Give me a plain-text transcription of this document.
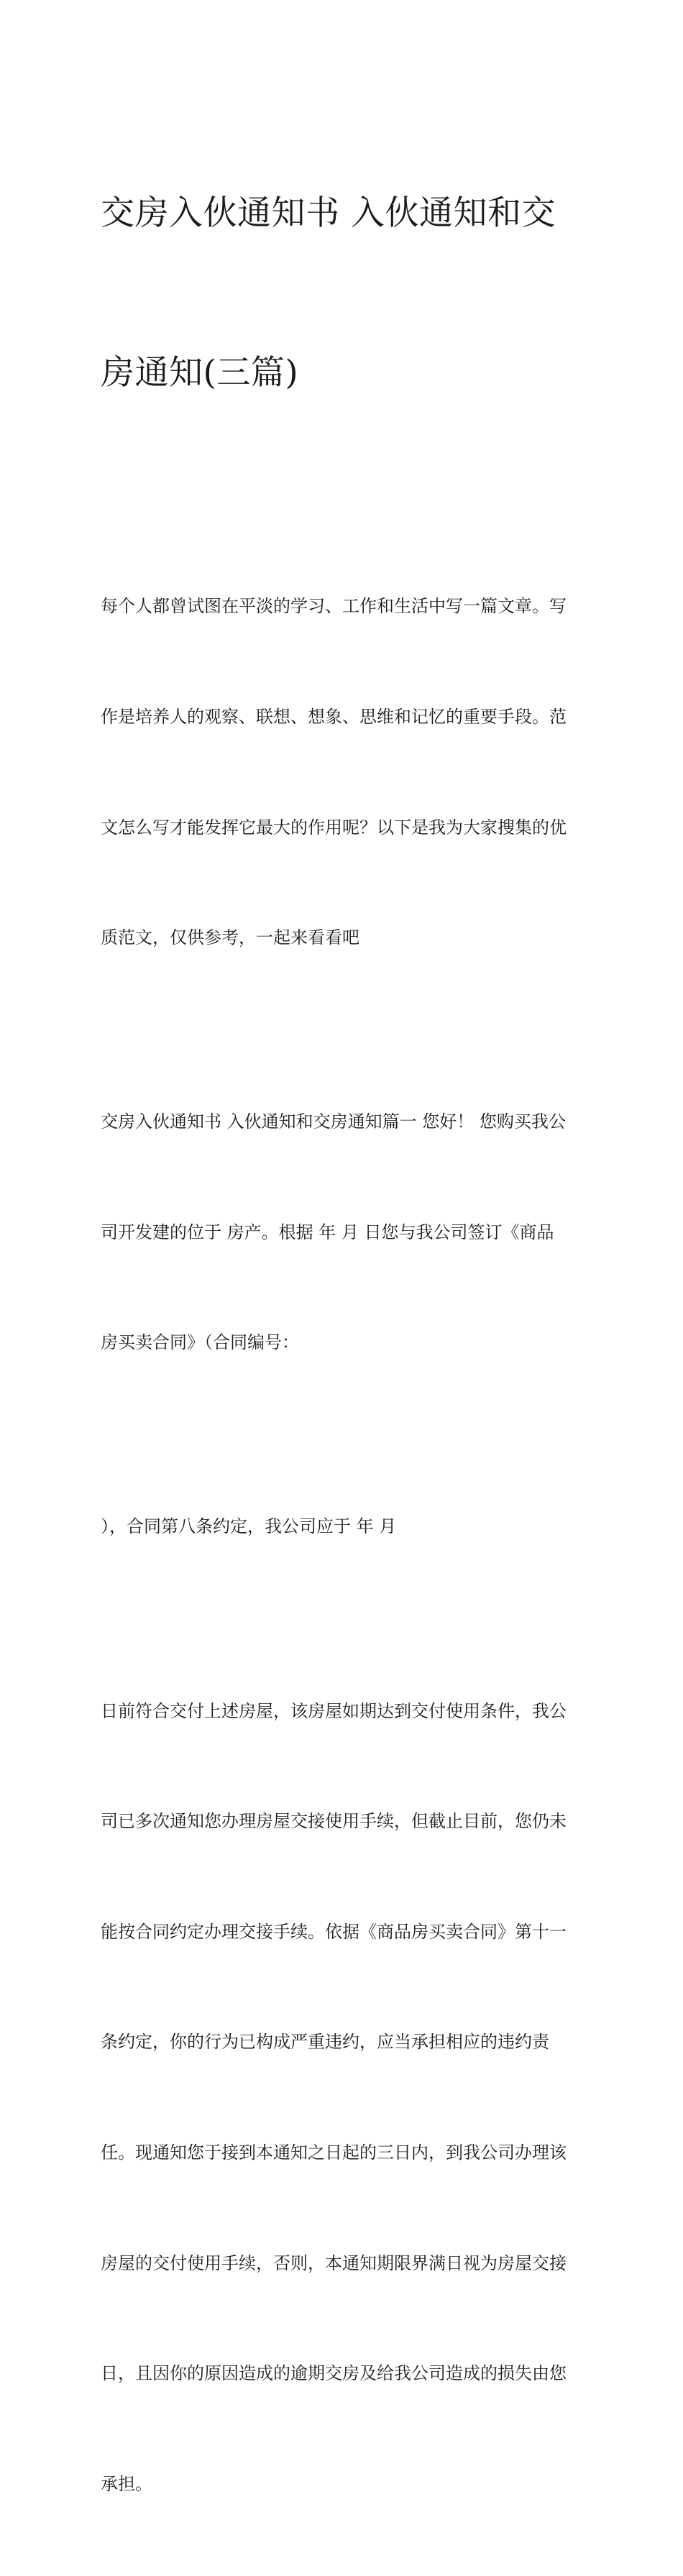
交房入伙通知书 入伙通知和交

房通知(三篇)

每个人都曾试图在平淡的学习、工作和生活中写一篇文章。写

作是培养人的观察、联想、想象、思维和记忆的重要手段。范

文怎么写才能发挥它最大的作用呢？以下是我为大家搜集的优

质范文，仅供参考，一起来看看吧

交房入伙通知书 入伙通知和交房通知篇一 您好！ 您购买我公

司开发建的位于 房产。根据 年 月 日您与我公司签订《商品

房买卖合同》（合同编号：

），合同第八条约定，我公司应于 年 月

日前符合交付上述房屋，该房屋如期达到交付使用条件，我公

司已多次通知您办理房屋交接使用手续，但截止目前，您仍未

能按合同约定办理交接手续。依据《商品房买卖合同》第十一

条约定，你的行为已构成严重违约，应当承担相应的违约责

任。现通知您于接到本通知之日起的三日内，到我公司办理该

房屋的交付使用手续，否则，本通知期限界满日视为房屋交接

日，且因你的原因造成的逾期交房及给我公司造成的损失由您

承担。
